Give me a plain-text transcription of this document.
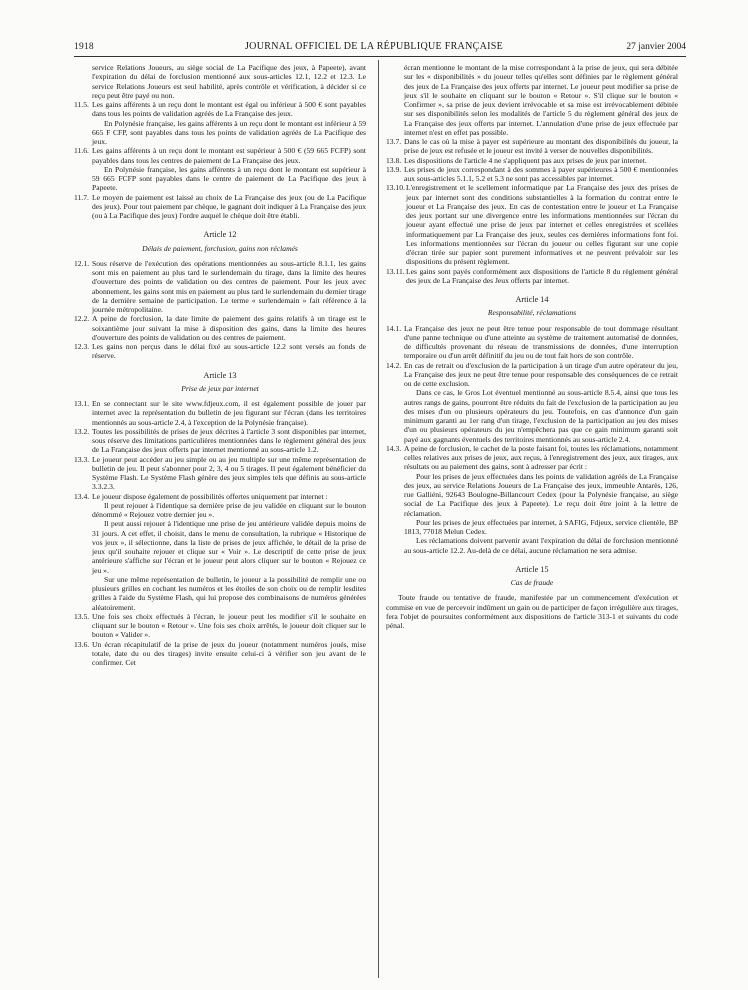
1918	JOURNAL OFFICIEL DE LA RÉPUBLIQUE FRANÇAISE	27 janvier 2004

service Relations Joueurs, au siège social de La Pacifique des jeux, à Papeete), avant l'expiration du délai de forclusion mentionné aux sous-articles 12.1, 12.2 et 12.3. Le service Relations Joueurs est seul habilité, après contrôle et vérification, à décider si ce reçu peut être payé ou non.

11.5. Les gains afférents à un reçu dont le montant est égal ou inférieur à 500 € sont payables dans tous les points de validation agréés de La Française des jeux.

En Polynésie française, les gains afférents à un reçu dont le montant est inférieur à 59 665 F CFP, sont payables dans tous les points de validation agréés de La Pacifique des jeux.

11.6. Les gains afférents à un reçu dont le montant est supérieur à 500 € (59 665 FCFP) sont payables dans tous les centres de paiement de La Française des jeux.

En Polynésie française, les gains afférents à un reçu dont le montant est supérieur à 59 665 FCFP sont payables dans le centre de paiement de La Pacifique des jeux à Papeete.

11.7. Le moyen de paiement est laissé au choix de La Française des jeux (ou de La Pacifique des jeux). Pour tout paiement par chèque, le gagnant doit indiquer à La Française des jeux (ou à La Pacifique des jeux) l'ordre auquel le chèque doit être établi.
Article 12
Délais de paiement, forclusion, gains non réclamés
12.1. Sous réserve de l'exécution des opérations mentionnées au sous-article 8.1.1, les gains sont mis en paiement au plus tard le surlendemain du tirage, dans la limite des heures d'ouverture des points de validation ou des centres de paiement. Pour les jeux avec abonnement, les gains sont mis en paiement au plus tard le surlendemain du dernier tirage de la dernière semaine de participation. Le terme « surlendemain » fait référence à la journée métropolitaine.
12.2. A peine de forclusion, la date limite de paiement des gains relatifs à un tirage est le soixantième jour suivant la mise à disposition des gains, dans la limite des heures d'ouverture des points de validation ou des centres de paiement.
12.3. Les gains non perçus dans le délai fixé au sous-article 12.2 sont versés au fonds de réserve.
Article 13
Prise de jeux par internet
13.1. En se connectant sur le site www.fdjeux.com, il est également possible de jouer par internet avec la représentation du bulletin de jeu figurant sur l'écran (dans les territoires mentionnés au sous-article 2.4, à l'exception de la Polynésie française).
13.2. Toutes les possibilités de prises de jeux décrites à l'article 3 sont disponibles par internet, sous réserve des limitations particulières mentionnées dans le règlement général des jeux de La Française des jeux offerts par internet mentionné au sous-article 1.2.
13.3. Le joueur peut accéder au jeu simple ou au jeu multiple sur une même représentation de bulletin de jeu. Il peut s'abonner pour 2, 3, 4 ou 5 tirages. Il peut également bénéficier du Système Flash. Le Système Flash génère des jeux simples tels que définis au sous-article 3.3.2.3.
13.4. Le joueur dispose également de possibilités offertes uniquement par internet :

Il peut rejouer à l'identique sa dernière prise de jeu validée en cliquant sur le bouton dénommé « Rejouez votre dernier jeu ».

Il peut aussi rejouer à l'identique une prise de jeu antérieure validée depuis moins de 31 jours. A cet effet, il choisit, dans le menu de consultation, la rubrique « Historique de vos jeux », il sélectionne, dans la liste de prises de jeux affichée, le détail de la prise de jeux qu'il souhaite rejouer et clique sur « Voir ». Le descriptif de cette prise de jeux antérieure s'affiche sur l'écran et le joueur peut alors cliquer sur le bouton « Rejouez ce jeu ».

Sur une même représentation de bulletin, le joueur a la possibilité de remplir une ou plusieurs grilles en cochant les numéros et les étoiles de son choix ou de remplir lesdites grilles à l'aide du Système Flash, qui lui propose des combinaisons de numéros générées aléatoirement.

13.5. Une fois ses choix effectués à l'écran, le joueur peut les modifier s'il le souhaite en cliquant sur le bouton « Retour ». Une fois ses choix arrêtés, le joueur doit cliquer sur le bouton « Valider ».
13.6. Un écran récapitulatif de la prise de jeux du joueur (notamment numéros joués, mise totale, date du ou des tirages) invite ensuite celui-ci à vérifier son jeu avant de le confirmer. Cet

écran mentionne le montant de la mise correspondant à la prise de jeux, qui sera débitée sur les « disponibilités » du joueur telles qu'elles sont définies par le règlement général des jeux de La Française des jeux offerts par internet. Le joueur peut modifier sa prise de jeux s'il le souhaite en cliquant sur le bouton « Retour ». S'il clique sur le bouton « Confirmer », sa prise de jeux devient irrévocable et sa mise est irrévocablement débitée sur ses disponibilités selon les modalités de l'article 5 du règlement général des jeux de La Française des jeux offerts par internet. L'annulation d'une prise de jeux effectuée par internet n'est en effet pas possible.

13.7. Dans le cas où la mise à payer est supérieure au montant des disponibilités du joueur, la prise de jeux est refusée et le joueur est invité à verser de nouvelles disponibilités.
13.8. Les dispositions de l'article 4 ne s'appliquent pas aux prises de jeux par internet.
13.9. Les prises de jeux correspondant à des sommes à payer supérieures à 500 € mentionnées aux sous-articles 5.1.1, 5.2 et 5.3 ne sont pas accessibles par internet.
13.10. L'enregistrement et le scellement informatique par La Française des jeux des prises de jeux par internet sont des conditions substantielles à la formation du contrat entre le joueur et La Française des jeux. En cas de contestation entre le joueur et La Française des jeux portant sur une divergence entre les informations mentionnées sur l'écran du joueur ayant effectué une prise de jeux par internet et celles enregistrées et scellées informatiquement par La Française des jeux, seules ces dernières informations font foi. Les informations mentionnées sur l'écran du joueur ou celles figurant sur une copie d'écran tirée sur papier sont purement informatives et ne peuvent prévaloir sur les dispositions du présent règlement.
13.11. Les gains sont payés conformément aux dispositions de l'article 8 du règlement général des jeux de La Française des Jeux offerts par internet.
Article 14
Responsabilité, réclamations
14.1. La Française des jeux ne peut être tenue pour responsable de tout dommage résultant d'une panne technique ou d'une atteinte au système de traitement automatisé de données, de difficultés provenant du réseau de transmissions de données, d'une interruption temporaire ou d'un arrêt définitif du jeu ou de tout fait hors de son contrôle.
14.2. En cas de retrait ou d'exclusion de la participation à un tirage d'un autre opérateur du jeu, La Française des jeux ne peut être tenue pour responsable des conséquences de ce retrait ou de cette exclusion.

Dans ce cas, le Gros Lot éventuel mentionné au sous-article 8.5.4, ainsi que tous les autres rangs de gains, pourront être réduits du fait de l'exclusion de la participation au jeu des mises d'un ou plusieurs opérateurs du jeu. Toutefois, en cas d'annonce d'un gain minimum garanti au 1er rang d'un tirage, l'exclusion de la participation au jeu des mises d'un ou plusieurs opérateurs du jeu n'empêchera pas que ce gain minimum garanti soit payé aux gagnants éventuels des territoires mentionnés au sous-article 2.4.

14.3. A peine de forclusion, le cachet de la poste faisant foi, toutes les réclamations, notamment celles relatives aux prises de jeux, aux reçus, à l'enregistrement des jeux, aux tirages, aux résultats ou au paiement des gains, sont à adresser par écrit :

Pour les prises de jeux effectuées dans les points de validation agréés de La Française des jeux, au service Relations Joueurs de La Française des jeux, immeuble Antarès, 126, rue Galliéni, 92643 Boulogne-Billancourt Cedex (pour la Polynésie française, au siège social de La Pacifique des jeux à Papeete). Le reçu doit être joint à la lettre de réclamation.

Pour les prises de jeux effectuées par internet, à SAFIG, Fdjeux, service clientèle, BP 1813, 77018 Melun Cedex.

Les réclamations doivent parvenir avant l'expiration du délai de forclusion mentionné au sous-article 12.2. Au-delà de ce délai, aucune réclamation ne sera admise.

Article 15
Cas de fraude

Toute fraude ou tentative de fraude, manifestée par un commencement d'exécution et commise en vue de percevoir indûment un gain ou de participer de façon irrégulière aux tirages, fera l'objet de poursuites conformément aux dispositions de l'article 313-1 et suivants du code pénal.
